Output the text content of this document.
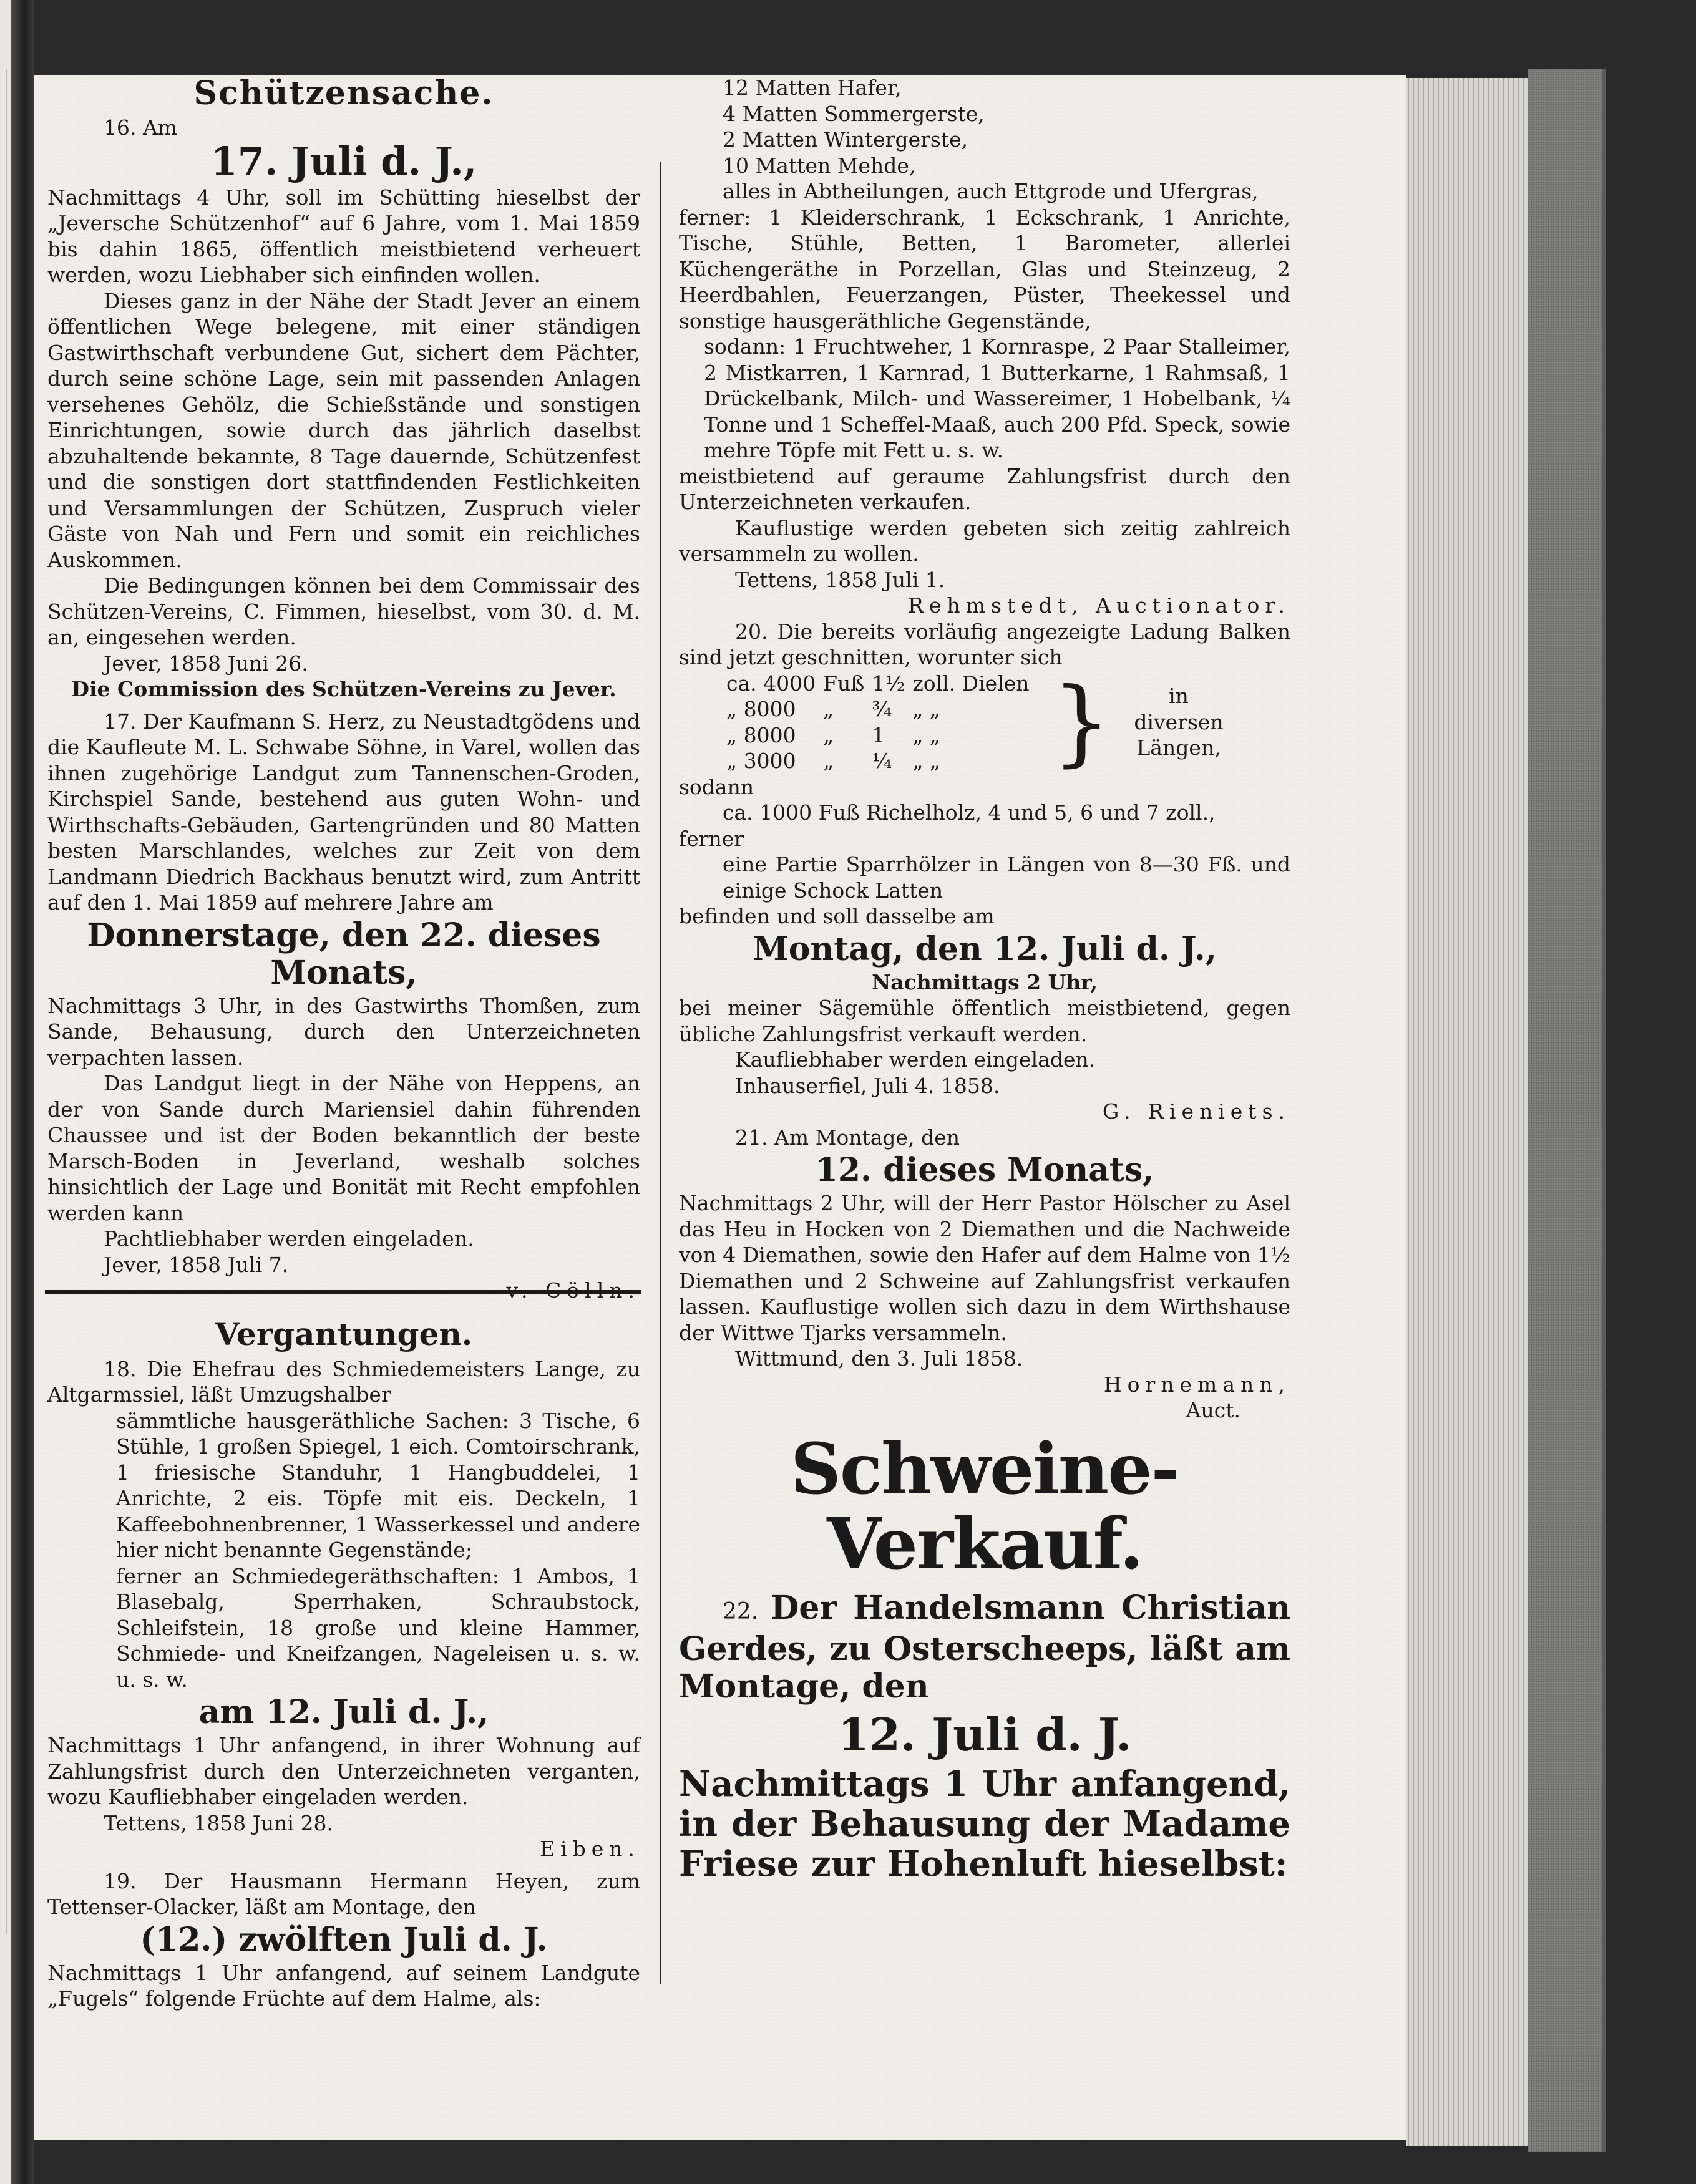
Schützensache.

16. Am

17. Juli d. J.,

Nachmittags 4 Uhr, soll im Schütting hieselbst der „Jeversche Schützenhof“ auf 6 Jahre, vom 1. Mai 1859 bis dahin 1865, öffentlich meistbietend verheuert werden, wozu Liebhaber sich einfinden wollen.

Dieses ganz in der Nähe der Stadt Jever an einem öffentlichen Wege belegene, mit einer ständigen Gastwirthschaft verbundene Gut, sichert dem Pächter, durch seine schöne Lage, sein mit passenden Anlagen versehenes Gehölz, die Schießstände und sonstigen Einrichtungen, sowie durch das jährlich daselbst abzuhaltende bekannte, 8 Tage dauernde, Schützenfest und die sonstigen dort stattfindenden Festlichkeiten und Versammlungen der Schützen, Zuspruch vieler Gäste von Nah und Fern und somit ein reichliches Auskommen.

Die Bedingungen können bei dem Commissair des Schützen-Vereins, C. Fimmen, hieselbst, vom 30. d. M. an, eingesehen werden.

Jever, 1858 Juni 26.

Die Commission des Schützen-Vereins zu Jever.

17. Der Kaufmann S. Herz, zu Neustadtgödens und die Kaufleute M. L. Schwabe Söhne, in Varel, wollen das ihnen zugehörige Landgut zum Tannenschen-Groden, Kirchspiel Sande, bestehend aus guten Wohn- und Wirthschafts-Gebäuden, Gartengründen und 80 Matten besten Marschlandes, welches zur Zeit von dem Landmann Diedrich Backhaus benutzt wird, zum Antritt auf den 1. Mai 1859 auf mehrere Jahre am

Donnerstage, den 22. dieses Monats,

Nachmittags 3 Uhr, in des Gastwirths Thomßen, zum Sande, Behausung, durch den Unterzeichneten verpachten lassen.

Das Landgut liegt in der Nähe von Heppens, an der von Sande durch Mariensiel dahin führenden Chaussee und ist der Boden bekanntlich der beste Marsch-Boden in Jeverland, weshalb solches hinsichtlich der Lage und Bonität mit Recht empfohlen werden kann

Pachtliebhaber werden eingeladen.

Jever, 1858 Juli 7.

v. Cölln.

Vergantungen.

18. Die Ehefrau des Schmiedemeisters Lange, zu Altgarmssiel, läßt Umzugshalber

sämmtliche hausgeräthliche Sachen: 3 Tische, 6 Stühle, 1 großen Spiegel, 1 eich. Comtoirschrank, 1 friesische Standuhr, 1 Hangbuddelei, 1 Anrichte, 2 eis. Töpfe mit eis. Deckeln, 1 Kaffeebohnenbrenner, 1 Wasserkessel und andere hier nicht benannte Gegenstände;

ferner an Schmiedegeräthschaften: 1 Ambos, 1 Blasebalg, Sperrhaken, Schraubstock, Schleifstein, 18 große und kleine Hammer, Schmiede- und Kneifzangen, Nageleisen u. s. w. u. s. w.

am 12. Juli d. J.,

Nachmittags 1 Uhr anfangend, in ihrer Wohnung auf Zahlungsfrist durch den Unterzeichneten verganten, wozu Kaufliebhaber eingeladen werden.

Tettens, 1858 Juni 28.

Eiben.

19. Der Hausmann Hermann Heyen, zum Tettenser-Olacker, läßt am Montage, den

(12.) zwölften Juli d. J.

Nachmittags 1 Uhr anfangend, auf seinem Landgute „Fugels“ folgende Früchte auf dem Halme, als:

12 Matten Hafer,

4 Matten Sommergerste,

2 Matten Wintergerste,

10 Matten Mehde,

alles in Abtheilungen, auch Ettgrode und Ufergras,

ferner: 1 Kleiderschrank, 1 Eckschrank, 1 Anrichte, Tische, Stühle, Betten, 1 Barometer, allerlei Küchengeräthe in Porzellan, Glas und Steinzeug, 2 Heerdbahlen, Feuerzangen, Püster, Theekessel und sonstige hausgeräthliche Gegenstände,

sodann: 1 Fruchtweher, 1 Kornraspe, 2 Paar Stalleimer, 2 Mistkarren, 1 Karnrad, 1 Butterkarne, 1 Rahmsaß, 1 Drückelbank, Milch- und Wassereimer, 1 Hobelbank, ¼ Tonne und 1 Scheffel-Maaß, auch 200 Pfd. Speck, sowie mehre Töpfe mit Fett u. s. w.

meistbietend auf geraume Zahlungsfrist durch den Unterzeichneten verkaufen.

Kauflustige werden gebeten sich zeitig zahlreich versammeln zu wollen.

Tettens, 1858 Juli 1.

Rehmstedt, Auctionator.

20. Die bereits vorläufig angezeigte Ladung Balken sind jetzt geschnitten, worunter sich

ca. 4000	Fuß	1½	zoll. Dielen
„ 8000	„	¾	„ „
„ 8000	„	1	„ „
„ 3000	„	¼	„ „ }	in diversen Längen,

sodann

ca. 1000 Fuß Richelholz, 4 und 5, 6 und 7 zoll.,

ferner

eine Partie Sparrhölzer in Längen von 8—30 Fß. und einige Schock Latten

befinden und soll dasselbe am

Montag, den 12. Juli d. J.,

Nachmittags 2 Uhr,

bei meiner Sägemühle öffentlich meistbietend, gegen übliche Zahlungsfrist verkauft werden.

Kaufliebhaber werden eingeladen.

Inhauserfiel, Juli 4. 1858.

G. Rieniets.

21. Am Montage, den

12. dieses Monats,

Nachmittags 2 Uhr, will der Herr Pastor Hölscher zu Asel das Heu in Hocken von 2 Diemathen und die Nachweide von 4 Diemathen, sowie den Hafer auf dem Halme von 1½ Diemathen und 2 Schweine auf Zahlungsfrist verkaufen lassen. Kauflustige wollen sich dazu in dem Wirthshause der Wittwe Tjarks versammeln.

Wittmund, den 3. Juli 1858.

Hornemann,

Auct.

Schweine-Verkauf.

22. Der Handelsmann Christian Gerdes, zu Osterscheeps, läßt am Montage, den

12. Juli d. J.

Nachmittags 1 Uhr anfangend, in der Behausung der Madame Friese zur Hohenluft hieselbst:
